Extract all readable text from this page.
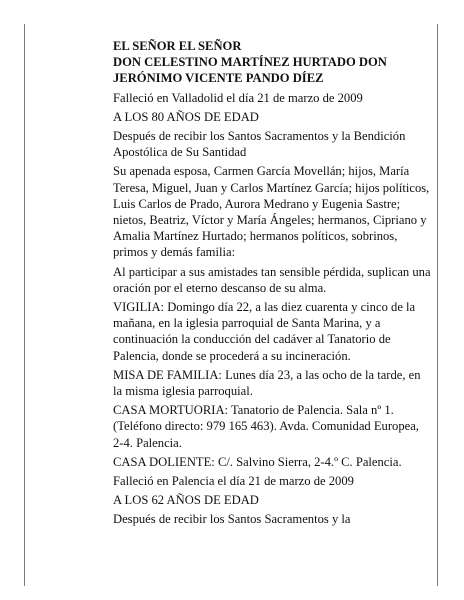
EL SEÑOR EL SEÑOR
DON CELESTINO MARTÍNEZ HURTADO DON
JERÓNIMO VICENTE PANDO DÍEZ
Falleció en Valladolid el día 21 de marzo de 2009
A LOS 80 AÑOS DE EDAD
Después de recibir los Santos Sacramentos y la Bendición Apostólica de Su Santidad
Su apenada esposa, Carmen García Movellán; hijos, María Teresa, Miguel, Juan y Carlos Martínez García; hijos políticos, Luis Carlos de Prado, Aurora Medrano y Eugenia Sastre; nietos, Beatriz, Víctor y María Ángeles; hermanos, Cipriano y Amalia Martínez Hurtado; hermanos políticos, sobrinos, primos y demás familia:
Al participar a sus amistades tan sensible pérdida, suplican una oración por el eterno descanso de su alma.
VIGILIA: Domingo día 22, a las diez cuarenta y cinco de la mañana, en la iglesia parroquial de Santa Marina, y a continuación la conducción del cadáver al Tanatorio de Palencia, donde se procederá a su incineración.
MISA DE FAMILIA: Lunes día 23, a las ocho de la tarde, en la misma iglesia parroquial.
CASA MORTUORIA: Tanatorio de Palencia. Sala nº 1. (Teléfono directo: 979 165 463). Avda. Comunidad Europea, 2-4. Palencia.
CASA DOLIENTE: C/. Salvino Sierra, 2-4.º C. Palencia.
Falleció en Palencia el día 21 de marzo de 2009
A LOS 62 AÑOS DE EDAD
Después de recibir los Santos Sacramentos y la
